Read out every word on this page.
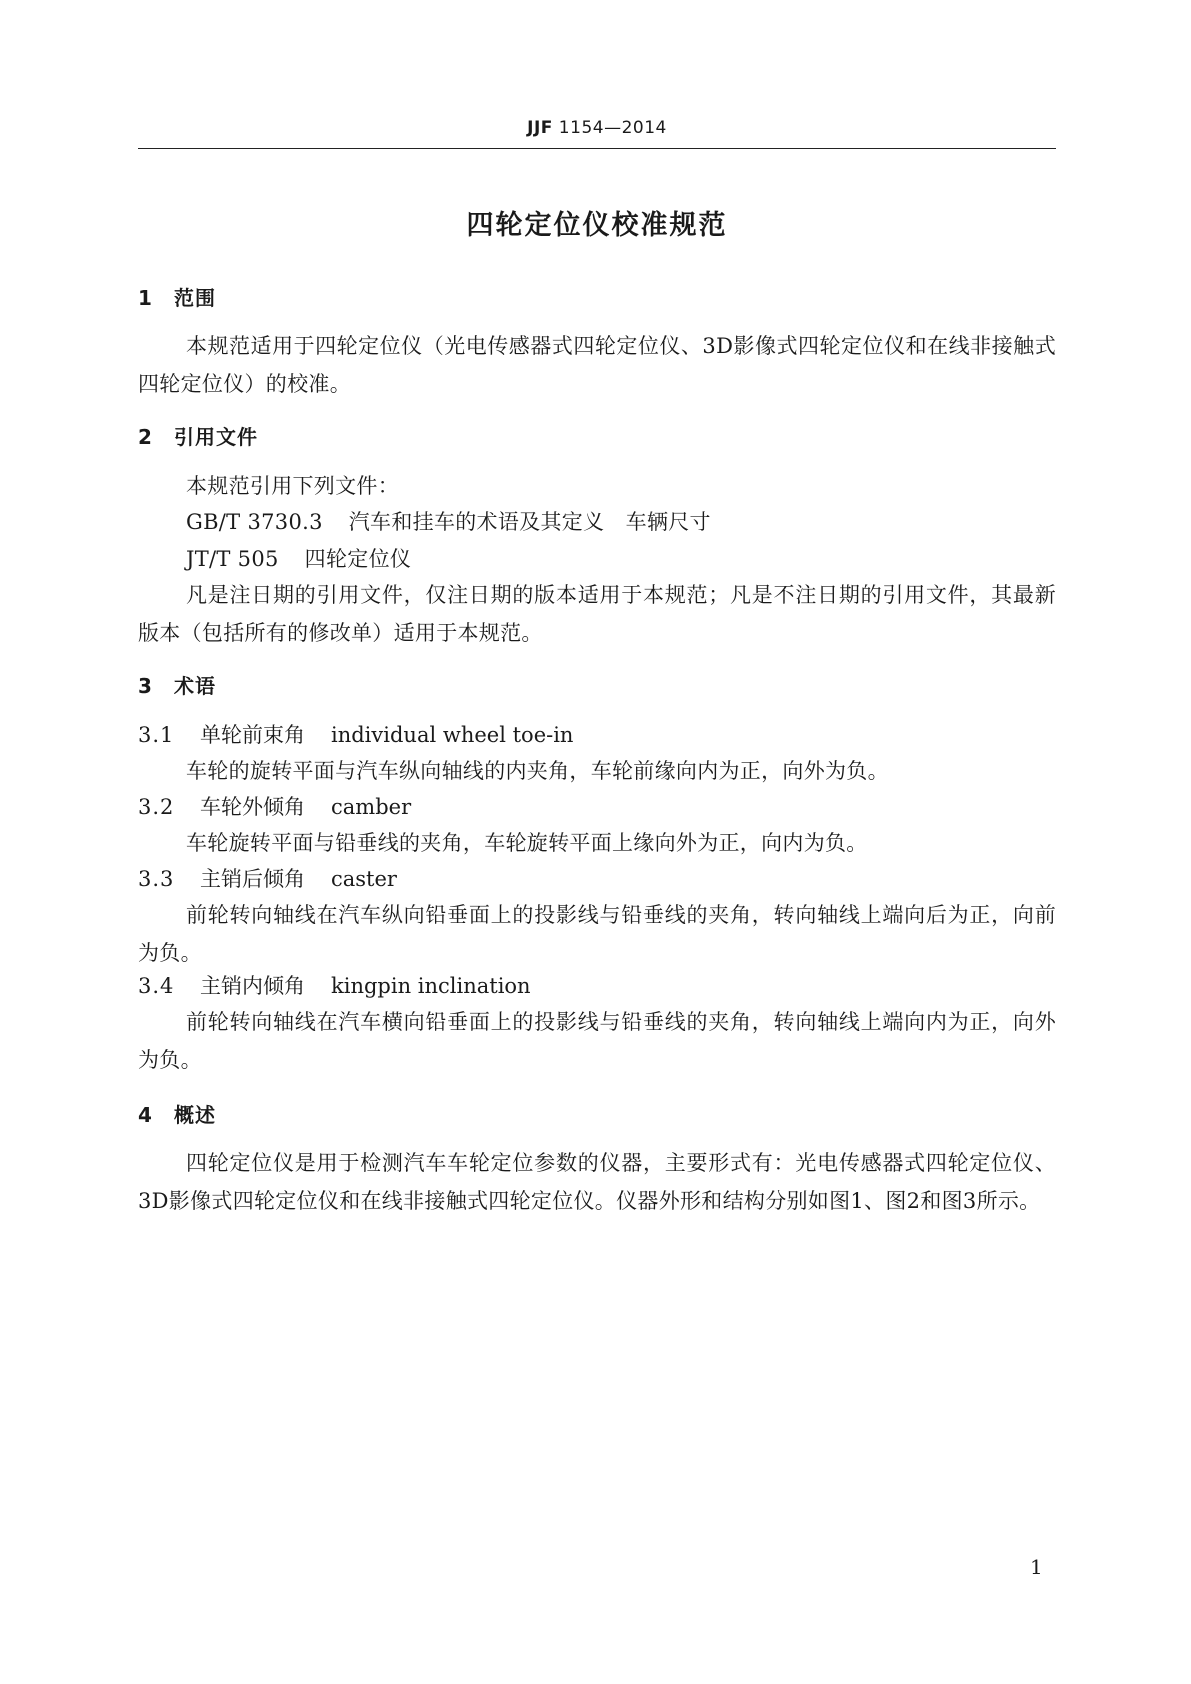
JJF 1154—2014
四轮定位仪校准规范
1 范围
本规范适用于四轮定位仪（光电传感器式四轮定位仪、3D影像式四轮定位仪和在线非接触式四轮定位仪）的校准。
2 引用文件
本规范引用下列文件：
GB/T 3730.3 汽车和挂车的术语及其定义　车辆尺寸
JT/T 505 四轮定位仪
凡是注日期的引用文件，仅注日期的版本适用于本规范；凡是不注日期的引用文件，其最新版本（包括所有的修改单）适用于本规范。
3 术语
3.1 单轮前束角 individual wheel toe-in
车轮的旋转平面与汽车纵向轴线的内夹角，车轮前缘向内为正，向外为负。
3.2 车轮外倾角 camber
车轮旋转平面与铅垂线的夹角，车轮旋转平面上缘向外为正，向内为负。
3.3 主销后倾角 caster
前轮转向轴线在汽车纵向铅垂面上的投影线与铅垂线的夹角，转向轴线上端向后为正，向前为负。
3.4 主销内倾角 kingpin inclination
前轮转向轴线在汽车横向铅垂面上的投影线与铅垂线的夹角，转向轴线上端向内为正，向外为负。
4 概述
四轮定位仪是用于检测汽车车轮定位参数的仪器，主要形式有：光电传感器式四轮定位仪、3D影像式四轮定位仪和在线非接触式四轮定位仪。仪器外形和结构分别如图1、图2和图3所示。
1
